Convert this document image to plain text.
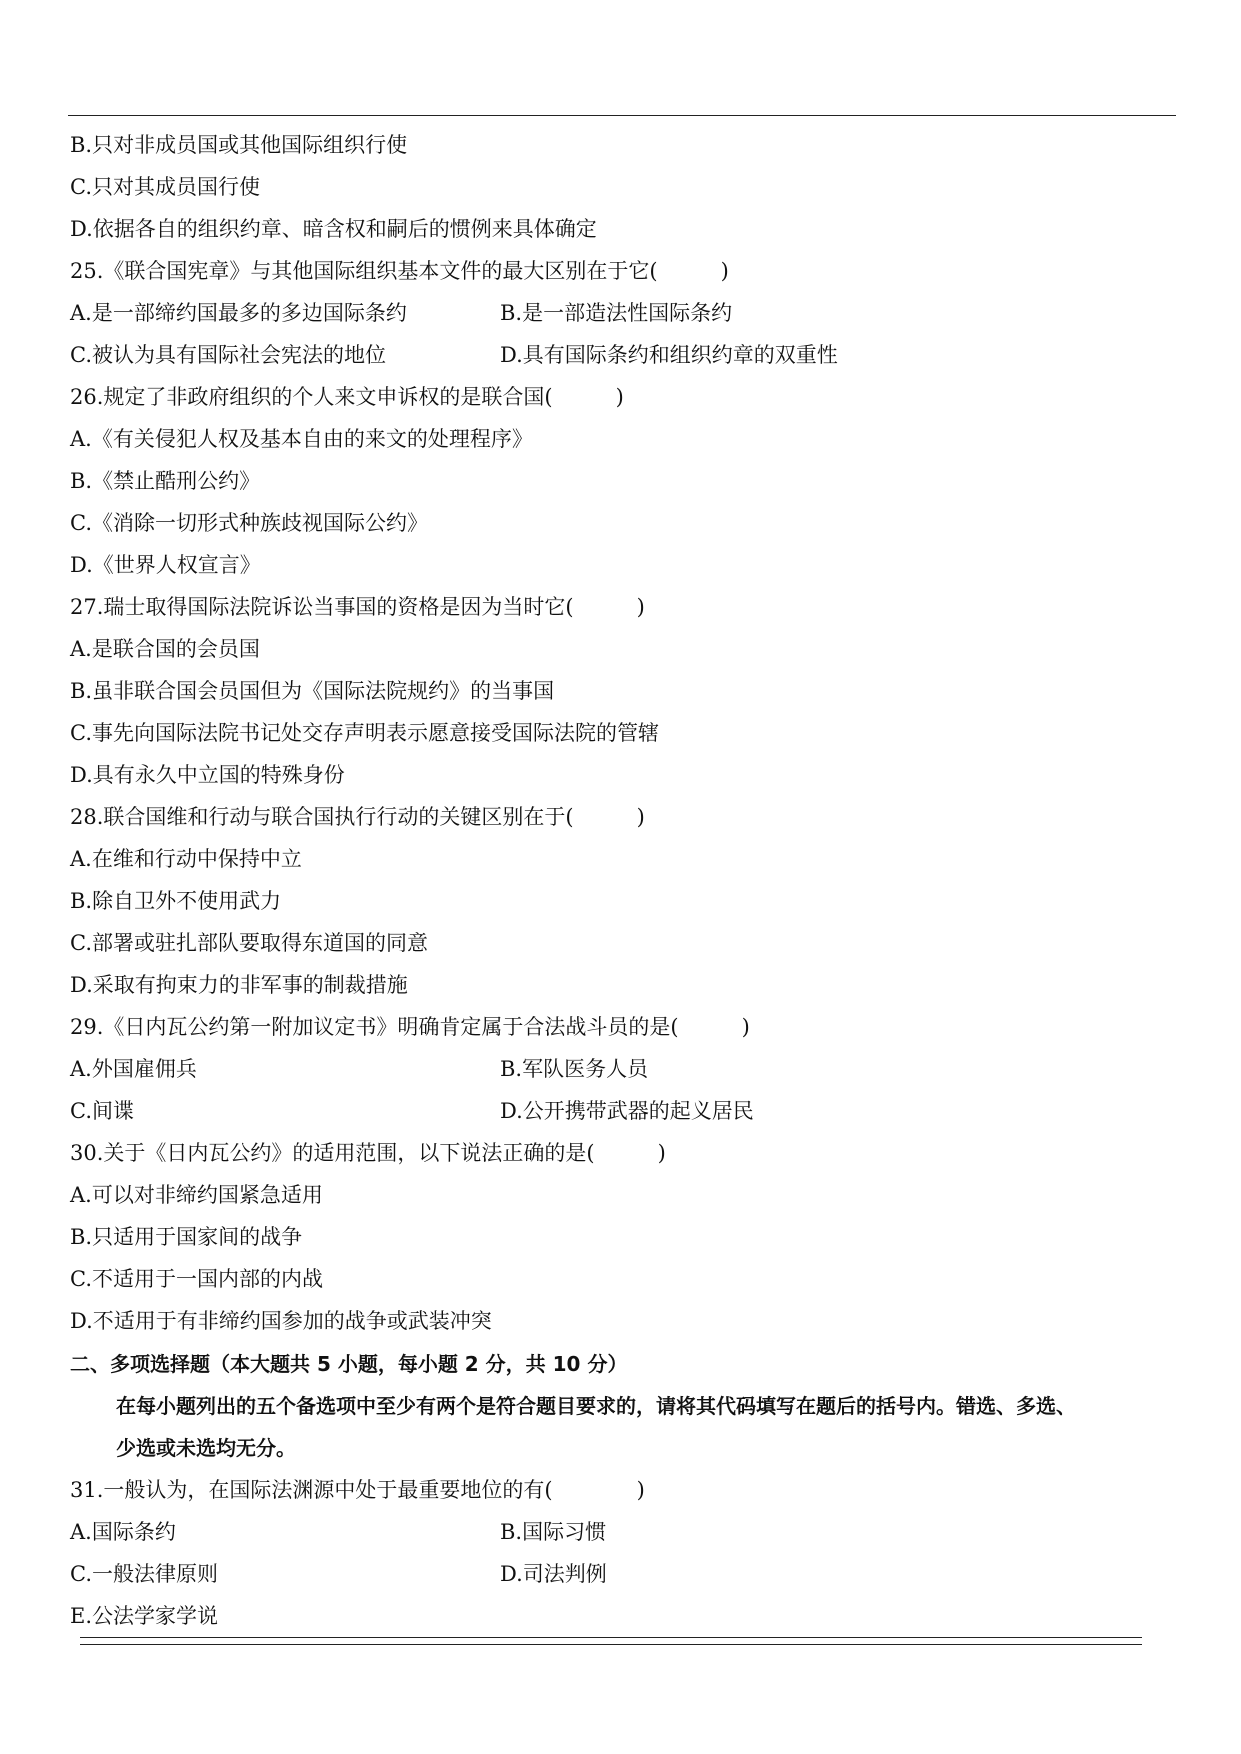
B.只对非成员国或其他国际组织行使
C.只对其成员国行使
D.依据各自的组织约章、暗含权和嗣后的惯例来具体确定
25.《联合国宪章》与其他国际组织基本文件的最大区别在于它(　　　)
A.是一部缔约国最多的多边国际条约	B.是一部造法性国际条约
C.被认为具有国际社会宪法的地位	D.具有国际条约和组织约章的双重性
26.规定了非政府组织的个人来文申诉权的是联合国(　　　)
A.《有关侵犯人权及基本自由的来文的处理程序》
B.《禁止酷刑公约》
C.《消除一切形式种族歧视国际公约》
D.《世界人权宣言》
27.瑞士取得国际法院诉讼当事国的资格是因为当时它(　　　)
A.是联合国的会员国
B.虽非联合国会员国但为《国际法院规约》的当事国
C.事先向国际法院书记处交存声明表示愿意接受国际法院的管辖
D.具有永久中立国的特殊身份
28.联合国维和行动与联合国执行行动的关键区别在于(　　　)
A.在维和行动中保持中立
B.除自卫外不使用武力
C.部署或驻扎部队要取得东道国的同意
D.采取有拘束力的非军事的制裁措施
29.《日内瓦公约第一附加议定书》明确肯定属于合法战斗员的是(　　　)
A.外国雇佣兵	B.军队医务人员
C.间谍	D.公开携带武器的起义居民
30.关于《日内瓦公约》的适用范围，以下说法正确的是(　　　)
A.可以对非缔约国紧急适用
B.只适用于国家间的战争
C.不适用于一国内部的内战
D.不适用于有非缔约国参加的战争或武装冲突
二、多项选择题（本大题共 5 小题，每小题 2 分，共 10 分）
在每小题列出的五个备选项中至少有两个是符合题目要求的，请将其代码填写在题后的括号内。错选、多选、
少选或未选均无分。
31.一般认为，在国际法渊源中处于最重要地位的有(　　　　)
A.国际条约	B.国际习惯
C.一般法律原则	D.司法判例
E.公法学家学说
